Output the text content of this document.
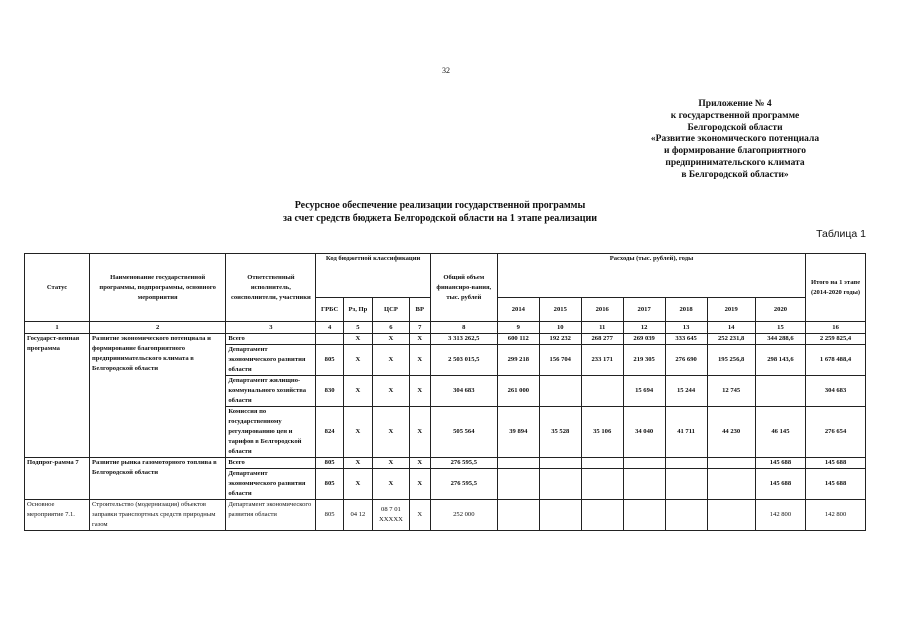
32
Приложение № 4
к государственной программе
Белгородской области
«Развитие экономического потенциала
и формирование благоприятного
предпринимательского климата
в Белгородской области»
Ресурсное обеспечение реализации государственной программы
за счет средств бюджета Белгородской области на 1 этапе реализации
Таблица 1
Статус	Наименование государственной программы, подпрограммы, основного мероприятия	Ответственный исполнитель, соисполнители, участники	Код бюджетной классификации				Общий объем финансиро-вания, тыс. рублей	Расходы (тыс. рублей), годы							Итого на 1 этапе (2014-2020 годы)
			ГРБС	Рз, Пр	ЦСР	ВР		2014	2015	2016	2017	2018	2019	2020	
1	2	3	4	5	6	7	8	9	10	11	12	13	14	15	16
Государст-венная программа	Развитие экономического потенциала и формирование благоприятного предпринимательского климата в Белгородской области	Всего		X	X	X	3 313 262,5	600 112	192 232	268 277	269 039	333 645	252 231,8	344 288,6	2 259 825,4
		Департамент экономического развития области	805	X	X	X	2 503 015,5	299 218	156 704	233 171	219 305	276 690	195 256,8	298 143,6	1 678 488,4
		Департамент жилищно-коммунального хозяйства области	830	X	X	X	304 683	261 000			15 694	15 244	12 745		304 683
		Комиссия по государственному регулированию цен и тарифов в Белгородской области	824	X	X	X	505 564	39 894	35 528	35 106	34 040	41 711	44 230	46 145	276 654
Подпрог-рамма 7	Развитие рынка газомоторного топлива в Белгородской области	Всего	805	X	X	X	276 595,5							145 688	145 688
		Департамент экономического развития области	805	X	X	X	276 595,5							145 688	145 688
Основное мероприятие 7.1.	Строительство (модернизация) объектов заправки транспортных средств природным газом	Департамент экономического развития области	805	04 12	08 7 01 XXXXX	X	252 000							142 800	142 800
